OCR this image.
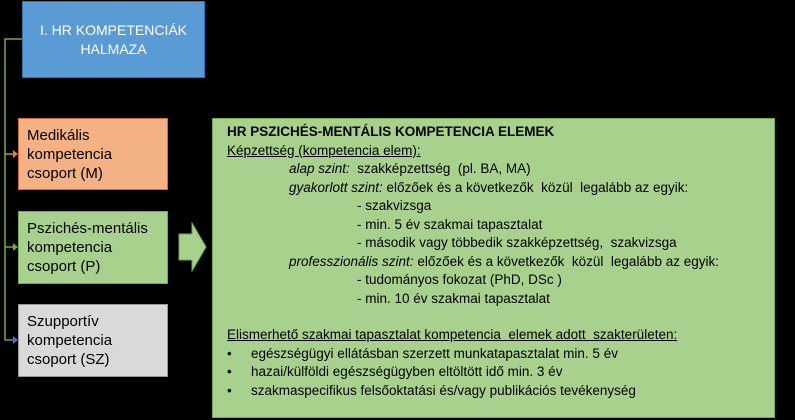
I. HR KOMPETENCIÁK
HALMAZA
Medikális
kompetencia
csoport (M)
Pszichés-mentális
kompetencia
csoport (P)
Szupportív
kompetencia
csoport (SZ)
HR PSZICHÉS-MENTÁLIS KOMPETENCIA ELEMEK
Képzettség (kompetencia elem):
alap szint:  szakképzettség  (pl. BA, MA)
gyakorlott szint: előzőek és a következők  közül  legalább az egyik:
- szakvizsga
- min. 5 év szakmai tapasztalat
- második vagy többedik szakképzettség,  szakvizsga
professzionális szint: előzőek és a következők  közül  legalább az egyik:
- tudományos fokozat (PhD, DSc )
- min. 10 év szakmai tapasztalat
Elismerhető szakmai tapasztalat kompetencia  elemek adott  szakterületen:
•	egészségügyi ellátásban szerzett munkatapasztalat min. 5 év
•	hazai/külföldi egészségügyben eltöltött idő min. 3 év
•	szakmaspecifikus felsőoktatási és/vagy publikációs tevékenység
